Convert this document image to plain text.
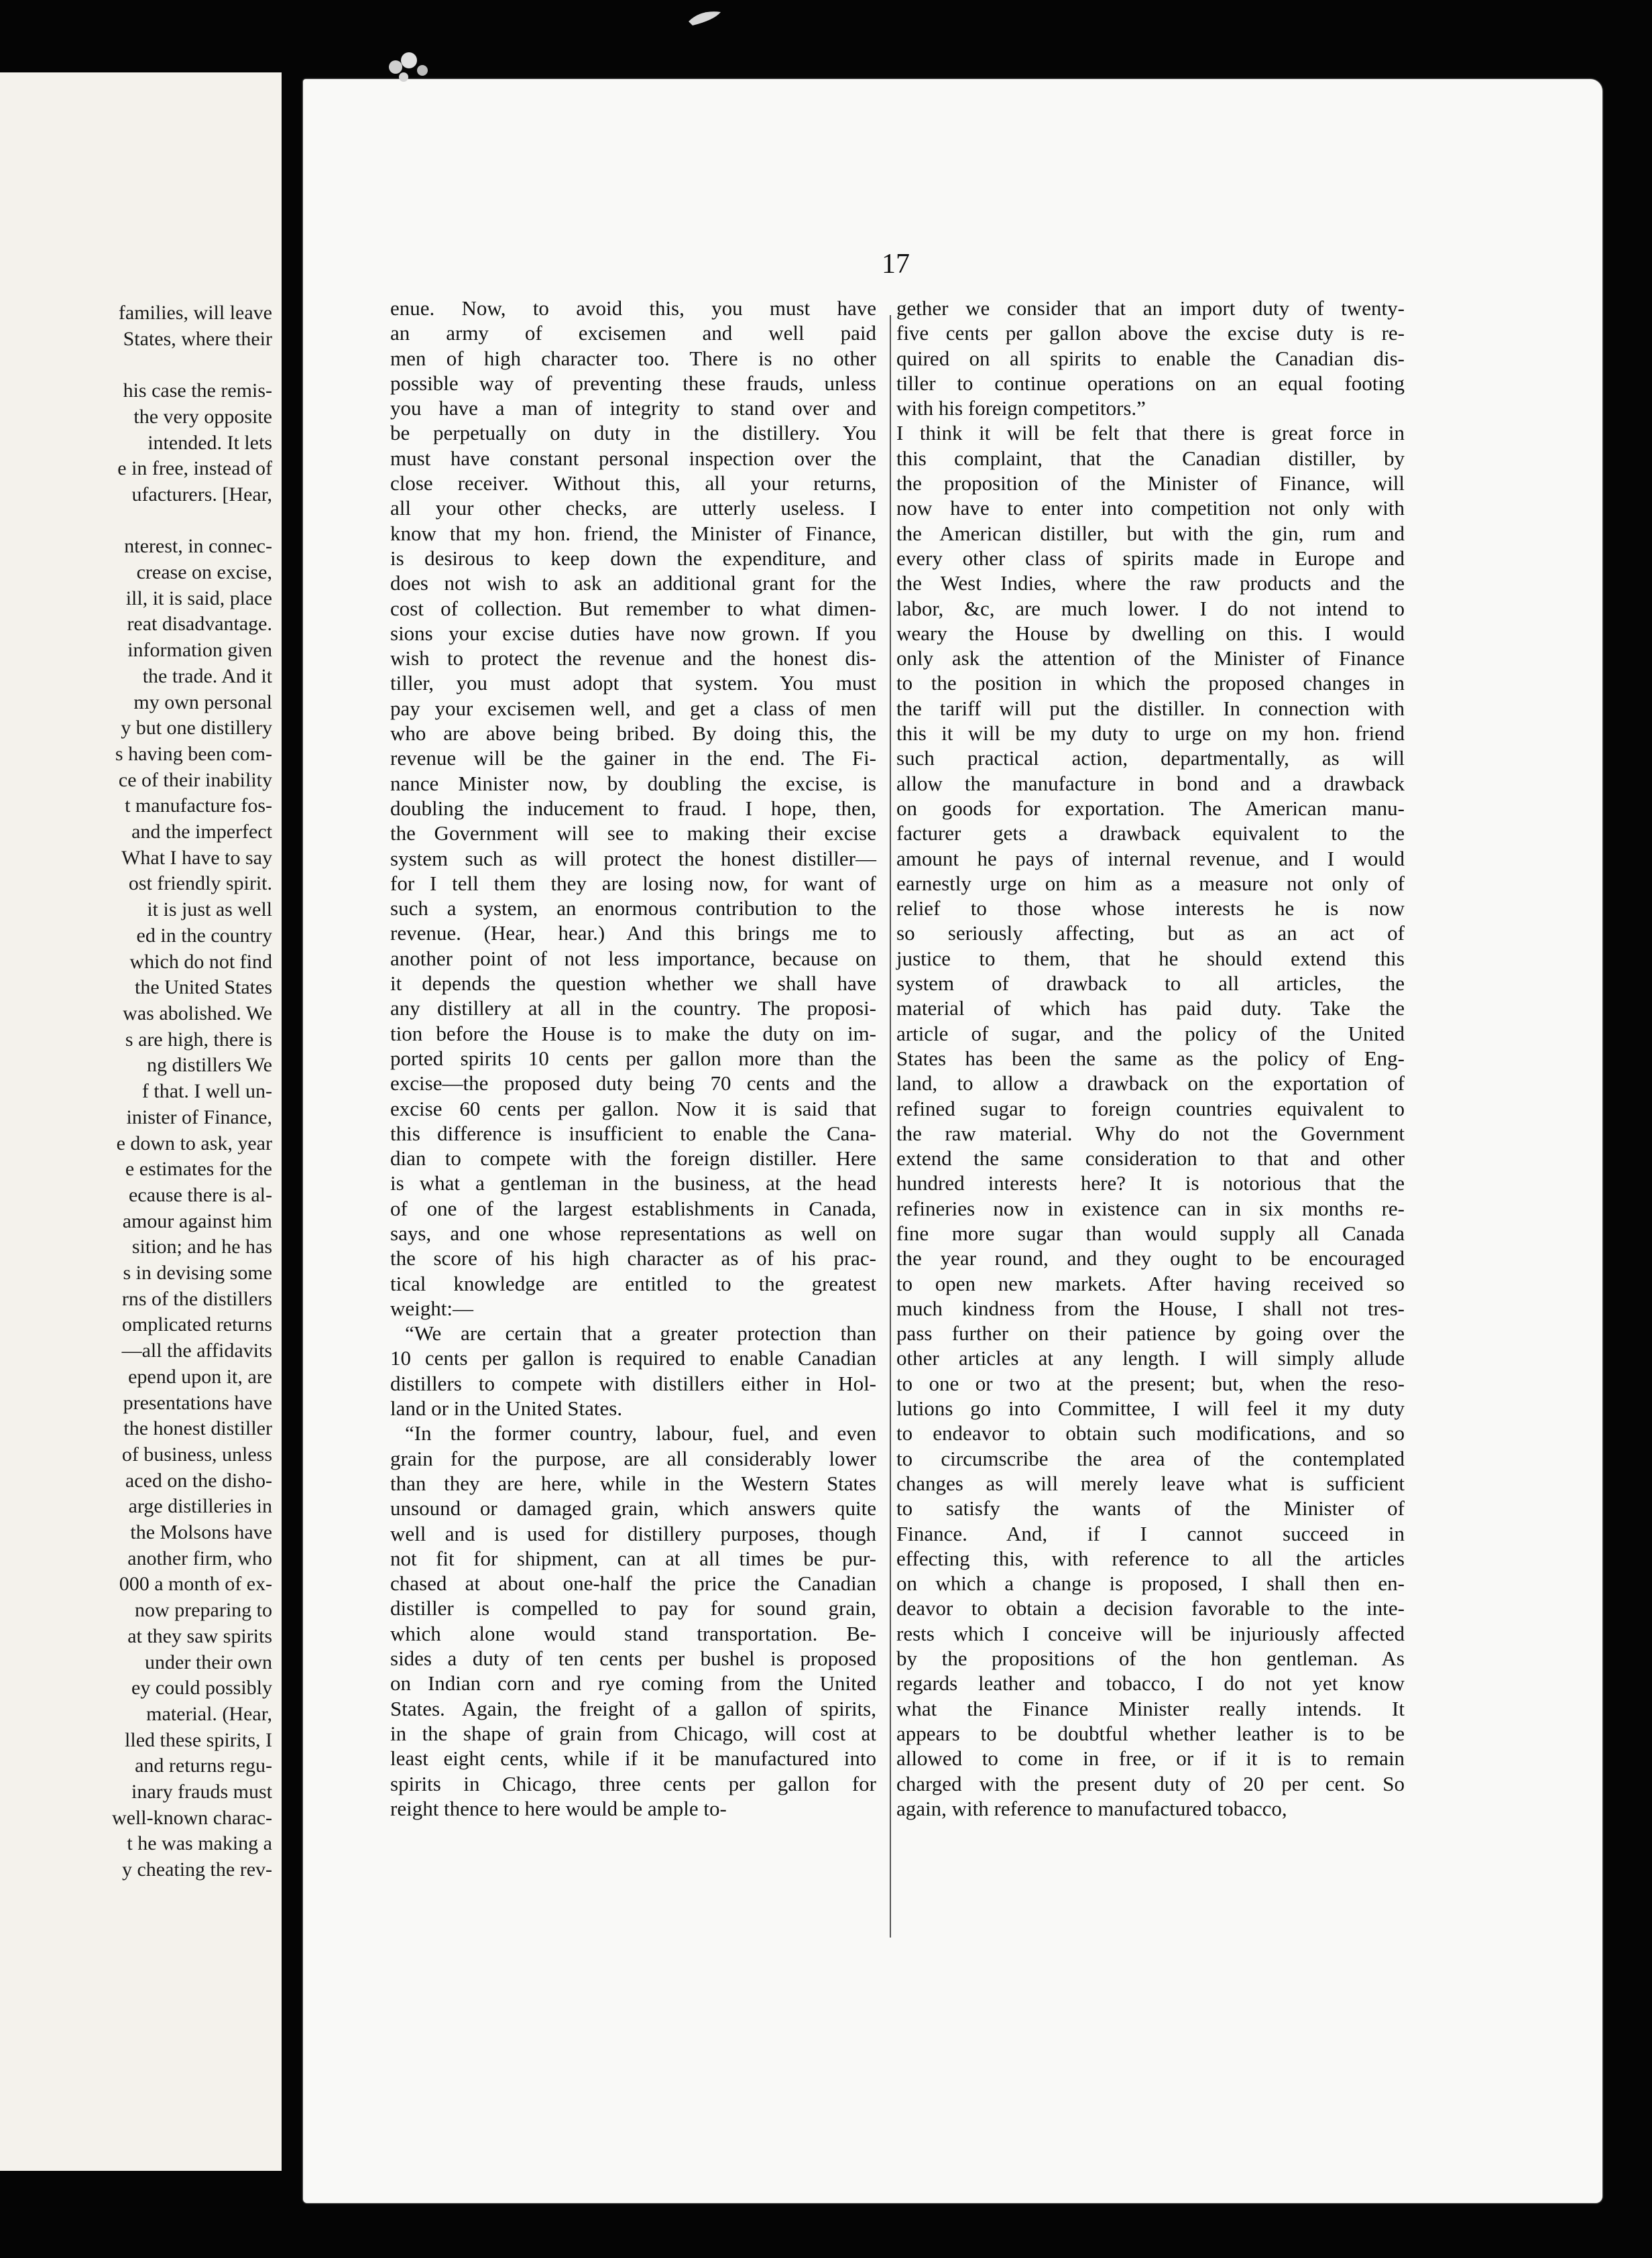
families, will leave
States, where their

his case the remis-
the very opposite
intended. It lets
e in free, instead of
ufacturers. [Hear,

nterest, in connec-
crease on excise,
ill, it is said, place
reat disadvantage.
information given
the trade. And it
my own personal
y but one distillery
s having been com-
ce of their inability
t manufacture fos-
and the imperfect
What I have to say
ost friendly spirit.
it is just as well
ed in the country
which do not find
the United States
was abolished. We
s are high, there is
ng distillers We
f that. I well un-
inister of Finance,
e down to ask, year
e estimates for the
ecause there is al-
amour against him
sition; and he has
s in devising some
rns of the distillers
omplicated returns
—all the affidavits
epend upon it, are
presentations have
the honest distiller
of business, unless
aced on the disho-
arge distilleries in
the Molsons have
another firm, who
000 a month of ex-
now preparing to
at they saw spirits
under their own
ey could possibly
material. (Hear,
lled these spirits, I
and returns regu-
inary frauds must
well-known charac-
t he was making a
y cheating the rev-
17
enue. Now, to avoid this, you must have
an army of excisemen and well paid
men of high character too. There is no other
possible way of preventing these frauds, unless
you have a man of integrity to stand over and
be perpetually on duty in the distillery. You
must have constant personal inspection over the
close receiver. Without this, all your returns,
all your other checks, are utterly useless. I
know that my hon. friend, the Minister of Finance,
is desirous to keep down the expenditure, and
does not wish to ask an additional grant for the
cost of collection. But remember to what dimen-
sions your excise duties have now grown. If you
wish to protect the revenue and the honest dis-
tiller, you must adopt that system. You must
pay your excisemen well, and get a class of men
who are above being bribed. By doing this, the
revenue will be the gainer in the end. The Fi-
nance Minister now, by doubling the excise, is
doubling the inducement to fraud. I hope, then,
the Government will see to making their excise
system such as will protect the honest distiller—
for I tell them they are losing now, for want of
such a system, an enormous contribution to the
revenue. (Hear, hear.) And this brings me to
another point of not less importance, because on
it depends the question whether we shall have
any distillery at all in the country. The proposi-
tion before the House is to make the duty on im-
ported spirits 10 cents per gallon more than the
excise—the proposed duty being 70 cents and the
excise 60 cents per gallon. Now it is said that
this difference is insufficient to enable the Cana-
dian to compete with the foreign distiller. Here
is what a gentleman in the business, at the head
of one of the largest establishments in Canada,
says, and one whose representations as well on
the score of his high character as of his prac-
tical knowledge are entitled to the greatest
weight:—
“We are certain that a greater protection than
10 cents per gallon is required to enable Canadian
distillers to compete with distillers either in Hol-
land or in the United States.
“In the former country, labour, fuel, and even
grain for the purpose, are all considerably lower
than they are here, while in the Western States
unsound or damaged grain, which answers quite
well and is used for distillery purposes, though
not fit for shipment, can at all times be pur-
chased at about one-half the price the Canadian
distiller is compelled to pay for sound grain,
which alone would stand transportation. Be-
sides a duty of ten cents per bushel is proposed
on Indian corn and rye coming from the United
States. Again, the freight of a gallon of spirits,
in the shape of grain from Chicago, will cost at
least eight cents, while if it be manufactured into
spirits in Chicago, three cents per gallon for
reight thence to here would be ample to-
gether we consider that an import duty of twenty-
five cents per gallon above the excise duty is re-
quired on all spirits to enable the Canadian dis-
tiller to continue operations on an equal footing
with his foreign competitors.”
I think it will be felt that there is great force in
this complaint, that the Canadian distiller, by
the proposition of the Minister of Finance, will
now have to enter into competition not only with
the American distiller, but with the gin, rum and
every other class of spirits made in Europe and
the West Indies, where the raw products and the
labor, &c, are much lower. I do not intend to
weary the House by dwelling on this. I would
only ask the attention of the Minister of Finance
to the position in which the proposed changes in
the tariff will put the distiller. In connection with
this it will be my duty to urge on my hon. friend
such practical action, departmentally, as will
allow the manufacture in bond and a drawback
on goods for exportation. The American manu-
facturer gets a drawback equivalent to the
amount he pays of internal revenue, and I would
earnestly urge on him as a measure not only of
relief to those whose interests he is now
so seriously affecting, but as an act of
justice to them, that he should extend this
system of drawback to all articles, the
material of which has paid duty. Take the
article of sugar, and the policy of the United
States has been the same as the policy of Eng-
land, to allow a drawback on the exportation of
refined sugar to foreign countries equivalent to
the raw material. Why do not the Government
extend the same consideration to that and other
hundred interests here? It is notorious that the
refineries now in existence can in six months re-
fine more sugar than would supply all Canada
the year round, and they ought to be encouraged
to open new markets. After having received so
much kindness from the House, I shall not tres-
pass further on their patience by going over the
other articles at any length. I will simply allude
to one or two at the present; but, when the reso-
lutions go into Committee, I will feel it my duty
to endeavor to obtain such modifications, and so
to circumscribe the area of the contemplated
changes as will merely leave what is sufficient
to satisfy the wants of the Minister of
Finance. And, if I cannot succeed in
effecting this, with reference to all the articles
on which a change is proposed, I shall then en-
deavor to obtain a decision favorable to the inte-
rests which I conceive will be injuriously affected
by the propositions of the hon gentleman. As
regards leather and tobacco, I do not yet know
what the Finance Minister really intends. It
appears to be doubtful whether leather is to be
allowed to come in free, or if it is to remain
charged with the present duty of 20 per cent. So
again, with reference to manufactured tobacco,
